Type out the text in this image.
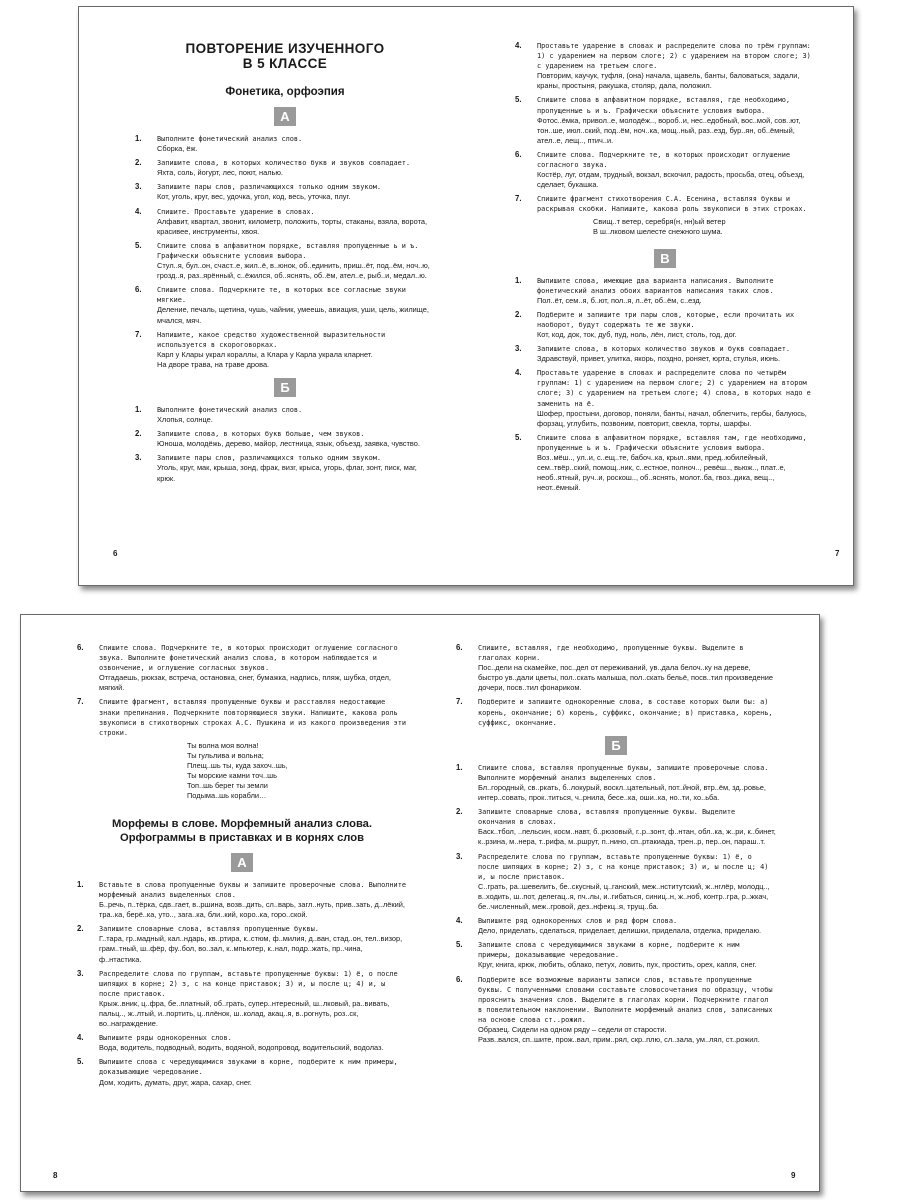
ПОВТОРЕНИЕ ИЗУЧЕННОГО
В 5 КЛАССЕ
Фонетика, орфоэпия
А
1.	Выполните фонетический анализ слов.
Сборка, ёж.
2.	Запишите слова, в которых количество букв и звуков совпадает.
Яхта, соль, йогурт, лес, поют, налью.
3.	Запишите пары слов, различающихся только одним звуком.
Кот, уголь, круг, вес, удочка, угол, код, весь, уточка, плуг.
4.	Спишите. Проставьте ударение в словах.
Алфавит, квартал, звонит, километр, положить, торты, стаканы, взяла, ворота, красивее, инструменты, хвоя.
5.	Спишите слова в алфавитном порядке, вставляя пропущенные ь и ъ. Графически объясните условия выбора.
Стул..я, бул..он, счаст..е, жил..ё, в..юнок, об..единить, приш..ёт, под..ём, ноч..ю, грозд..я, раз..ярённый, с..ёжился, об..яснять, об..ём, ател..е, рыб..и, медал..ю.
6.	Спишите слова. Подчеркните те, в которых все согласные звуки мягкие.
Деление, печаль, щетина, чушь, чайник, умеешь, авиация, уши, цель, жилище, мчался, мяч.
7.	Напишите, какое средство художественной выразительности используется в скороговорках.
Карл у Клары украл кораллы, а Клара у Карла украла кларнет.
На дворе трава, на траве дрова.
Б
1.	Выполните фонетический анализ слов.
Хлопья, солнце.
2.	Запишите слова, в которых букв больше, чем звуков.
Юноша, молодёжь, дерево, майор, лестница, язык, объезд, заявка, чувство.
3.	Запишите пары слов, различающихся только одним звуком.
Уголь, круг, мак, крыша, зонд, фрак, визг, крыса, угорь, флаг, зонт, писк, маг, крюк.
6
4.	Проставьте ударение в словах и распределите слова по трём группам: 1) с ударением на первом слоге; 2) с ударением на втором слоге; 3) с ударением на третьем слоге.
Повторим, каучук, туфля, (она) начала, щавель, банты, баловаться, задали, краны, простыня, ракушка, столяр, дала, положил.
5.	Спишите слова в алфавитном порядке, вставляя, где необходимо, пропущенные ь и ъ. Графически объясните условия выбора.
Фотос..ёмка, привол..е, молодёж.., вороб..и, нес..едобный, вос..мой, сов..ют, тон..ше, июл..ский, под..ём, ноч..ка, мощ..ный, раз..езд, бур..ян, об..ёмный, ател..е, лещ.., птич..и.
6.	Спишите слова. Подчеркните те, в которых происходит оглушение согласного звука.
Костёр, луг, отдам, трудный, вокзал, вскочил, радость, просьба, отец, объезд, сделает, букашка.
7.	Спишите фрагмент стихотворения С.А. Есенина, вставляя буквы и раскрывая скобки. Напишите, какова роль звукописи в этих строках.
Свищ..т ветер, серебря(н, нн)ый ветер
В ш..лковом шелесте снежного шума.
В
1.	Выпишите слова, имеющие два варианта написания. Выполните фонетический анализ обоих вариантов написания таких слов.
Пол..ёт, сем..я, б..ют, пол..я, л..ёт, об..ём, с..езд.
2.	Подберите и запишите три пары слов, которые, если прочитать их наоборот, будут содержать те же звуки.
Кот, код, док, ток, дуб, пуд, ноль, лён, лист, столь, год, дог.
3.	Запишите слова, в которых количество звуков и букв совпадает.
Здравствуй, привет, улитка, якорь, поздно, роняет, юрта, стулья, июнь.
4.	Проставьте ударение в словах и распределите слова по четырём группам: 1) с ударением на первом слоге; 2) с ударением на втором слоге; 3) с ударением на третьем слоге; 4) слова, в которых надо е заменить на ё.
Шофер, простыни, договор, поняли, банты, начал, облегчить, гербы, балуюсь, форзац, углубить, позвоним, повторит, свекла, торты, шарфы.
5.	Спишите слова в алфавитном порядке, вставляя там, где необходимо, пропущенные ь и ъ. Графически объясните условия выбора.
Воз..мёш.., ул..и, с..ещ..те, бабоч..ка, крыл..ями, пред..юбилейный, сем..твёр..ский, помощ..ник, с..естное, полноч.., ревёш.., вьюж.., плат..е, необ..ятный, руч..и, роскош.., об..яснять, молот..ба, гвоз..дика, вещ.., неот..ёмный.
7
6.	Спишите слова. Подчеркните те, в которых происходит оглушение согласного звука. Выполните фонетический анализ слова, в котором наблюдается и озвончение, и оглушение согласных звуков.
Отгадаешь, рюкзак, встреча, остановка, снег, бумажка, надпись, пляж, шубка, отдел, мягкий.
7.	Спишите фрагмент, вставляя пропущенные буквы и расставляя недостающие знаки препинания. Подчеркните повторяющиеся звуки. Напишите, какова роль звукописи в стихотворных строках А.С. Пушкина и из какого произведения эти строки.
Ты волна моя волна!
Ты гульлива и вольна;
Плещ..шь ты, куда захоч..шь,
Ты морские камни точ..шь
Топ..шь берег ты земли
Подыма..шь корабли…
Морфемы в слове. Морфемный анализ слова.
Орфограммы в приставках и в корнях слов
А
1.	Вставьте в слова пропущенные буквы и запишите проверочные слова. Выполните морфемный анализ выделенных слов.
Б..речь, п..тёрка, сдв..гает, в..ршина, возв..дить, сл..варь, загл..нуть, прив..зать, д..лёкий, тра..ка, берё..ка, уто.., загa..ка, бли..кий, коро..ка, горо..ской.
2.	Запишите словарные слова, вставляя пропущенные буквы.
Г..тара, гр..мадный, кал..ндарь, кв..ртира, к..стюм, ф..милия, д..ван, стад..он, тел..визор, грам..тный, ш..фёр, фу..бол, во..зал, к..мпьютер, к..нал, подр..жать, пр..чина, ф..нтастика.
3.	Распределите слова по группам, вставьте пропущенные буквы: 1) ё, о после шипящих в корне; 2) з, с на конце приставок; 3) и, ы после ц; 4) и, ы после приставок.
Крыж..вник, ц..фра, бе..платный, об..грать, супер..нтересный, ш..лковый, ра..вивать, пальц.., ж..лтый, и..портить, ц..плёнок, ш..колад, акац..я, в..рогнуть, роз..ск, во..награждение.
4.	Выпишите ряды однокоренных слов.
Вода, водитель, подводный, водить, водяной, водопровод, водительский, водолаз.
5.	Выпишите слова с чередующимися звуками в корне, подберите к ним примеры, доказывающие чередование.
Дом, ходить, думать, друг, жара, сахар, снег.
8
6.	Спишите, вставляя, где необходимо, пропущенные буквы. Выделите в глаголах корни.
Пос..дели на скамейке, пос..дел от переживаний, ув..дала белоч..ку на дереве, быстро ув..дали цветы, пол..скать малыша, пол..скать бельё, посв..тил произведение дочери, посв..тил фонариком.
7.	Подберите и запишите однокоренные слова, в составе которых были бы: а) корень, окончание; б) корень, суффикс, окончание; в) приставка, корень, суффикс, окончание.
Б
1.	Спишите слова, вставляя пропущенные буквы, запишите проверочные слова. Выполните морфемный анализ выделенных слов.
Бл..городный, св..ркать, б..локурый, воскл..цательный, пот..йной, втр..ём, зд..ровье, интер..совать, прок..титься, ч..рнила, бесе..ка, оши..ка, но..ти, хо..ьба.
2.	Запишите словарные слова, вставляя пропущенные буквы. Выделите окончания в словах.
Баск..тбол, ..пельсин, косм..навт, б..рюзовый, г..р..зонт, ф..нтан, обл..ка, ж..ри, к..бинет, к..рзина, м..нера, т..рифа, м..ршрут, п..нино, сп..ртакиада, трен..р, пер..он, параш..т.
3.	Распределите слова по группам, вставьте пропущенные буквы: 1) ё, о после шипящих в корне; 2) з, с на конце приставок; 3) и, ы после ц; 4) и, ы после приставок.
С..грать, ра..шевелить, бе..скусный, ц..ганский, меж..нститутский, ж..нглёр, молодц.., в..ходить, ш..пот, делегац..я, пч..лы, и..гибаться, синиц..н, ж..ноб, контр..гра, р..жкач, бе..численный, меж..гровой, дез..нфекц..я, трущ..ба.
4.	Выпишите ряд однокоренных слов и ряд форм слова.
Дело, приделать, сделаться, приделает, делишки, приделала, отделка, приделаю.
5.	Запишите слова с чередующимися звуками в корне, подберите к ним примеры, доказывающие чередование.
Круг, книга, крюк, любить, облако, петух, ловить, пух, простить, орех, капля, снег.
6.	Подберите все возможные варианты записи слов, вставьте пропущенные буквы. С полученными словами составьте словосочетания по образцу, чтобы прояснить значения слов. Выделите в глаголах корни. Подчеркните глагол в повелительном наклонении. Выполните морфемный анализ слов, записанных на основе слова ст..рожил.
Образец. Сидели на одном ряду – седели от старости.
Разв..вался, сп..шите, прож..вал, прим..рял, скр..плю, сл..зала, ум..лял, ст..рожил.
9
